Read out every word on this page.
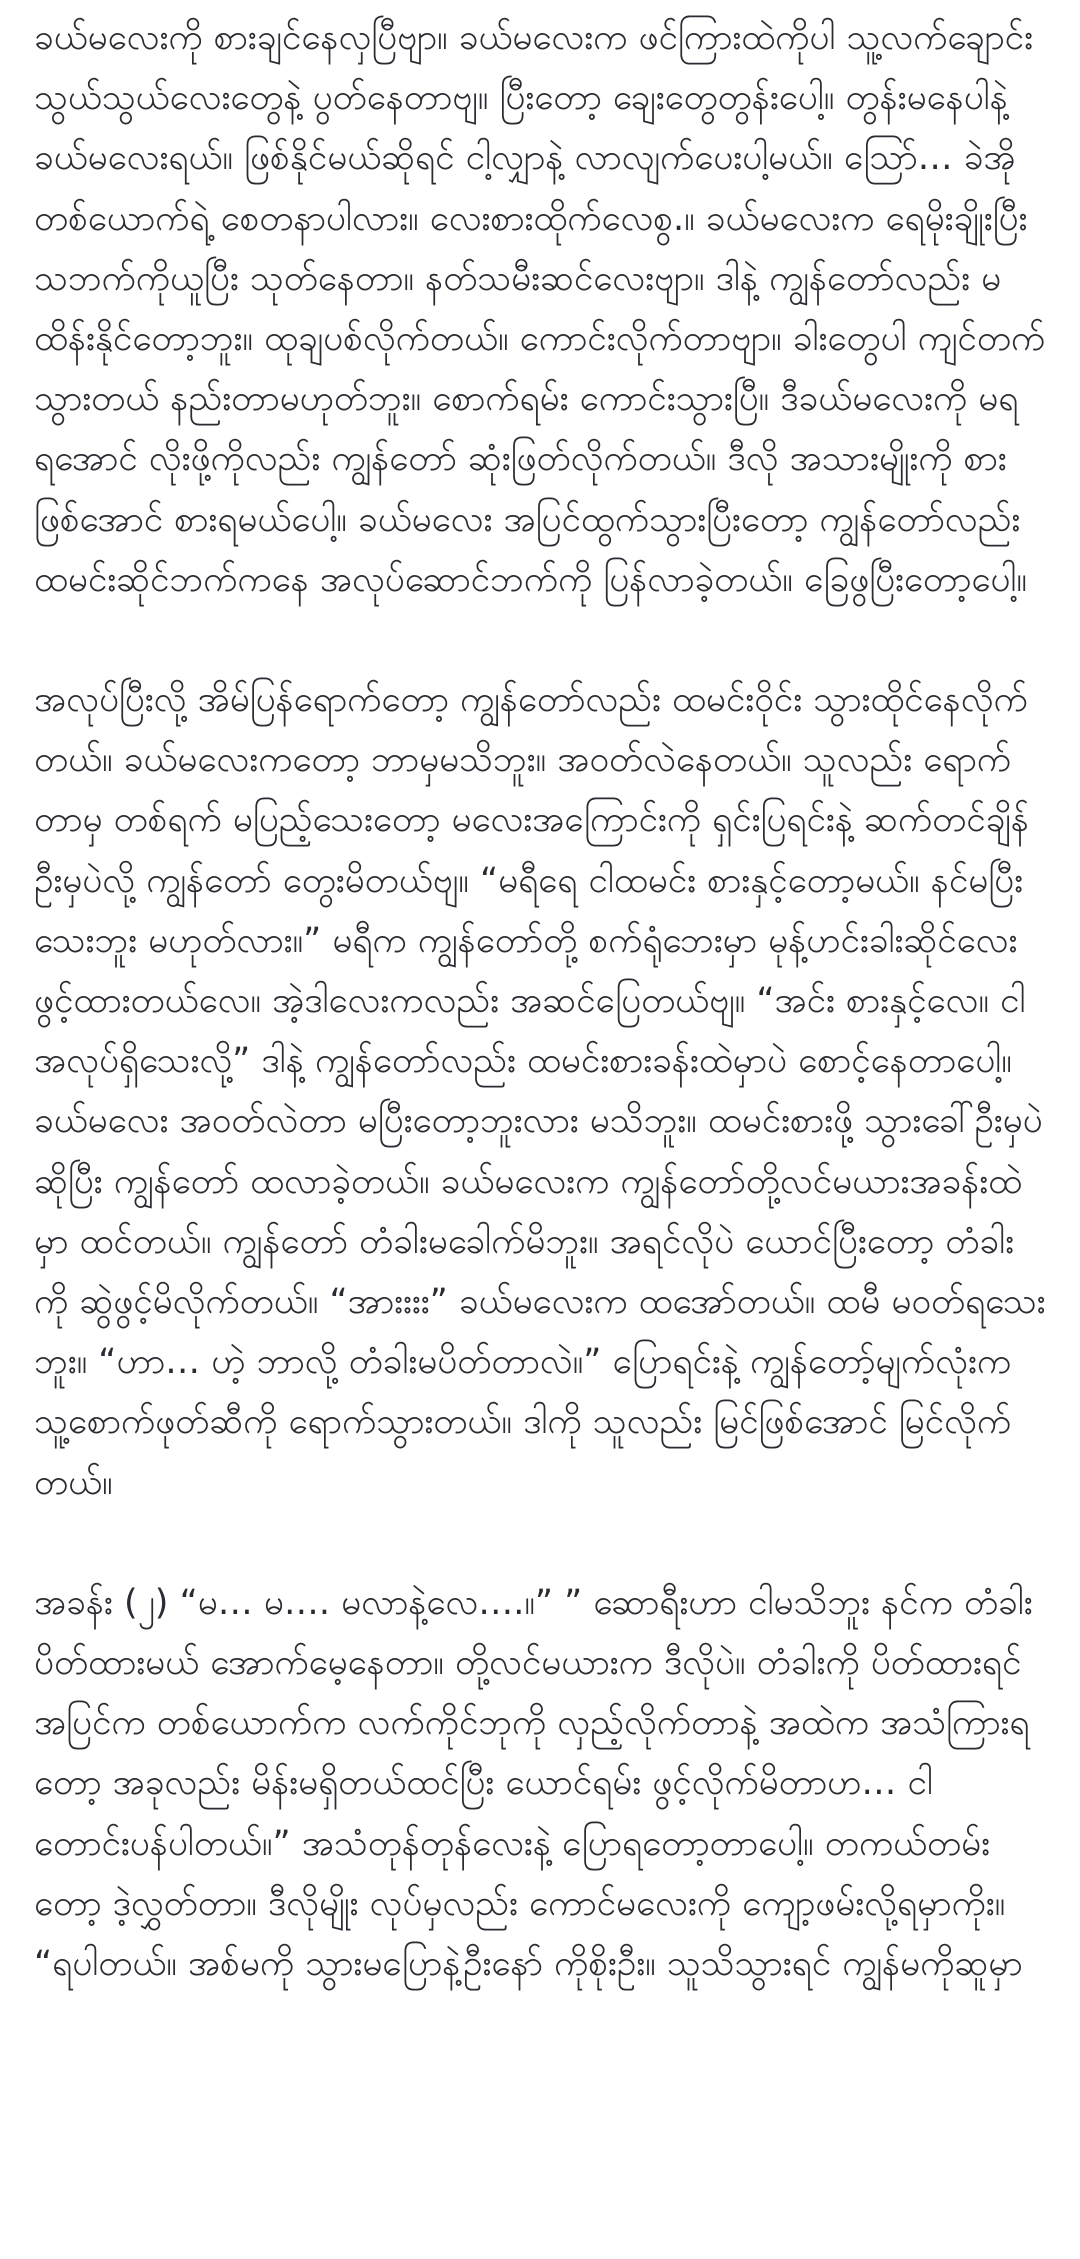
ခယ်မလေးကို စားချင်နေလှပြီဗျာ။ ခယ်မလေးက ဖင်ကြားထဲကိုပါ သူ့လက်ချောင်း သွယ်သွယ်လေးတွေနဲ့ ပွတ်နေတာဗျ။ ပြီးတော့ ချေးတွေတွန်းပေါ့။ တွန်းမနေပါနဲ့ ခယ်မလေးရယ်။ ဖြစ်နိုင်မယ်ဆိုရင် ငါ့လျှာနဲ့ လာလျက်ပေးပါ့မယ်။ ဩော်… ခဲအိုတစ်ယောက်ရဲ့ စေတနာပါလား။ လေးစားထိုက်လေစွ.။ ခယ်မလေးက ရေမိုးချိုးပြီး သဘက်ကိုယူပြီး သုတ်နေတာ။ နတ်သမီးဆင်လေးဗျာ။ ဒါနဲ့ ကျွန်တော်လည်း မထိန်းနိုင်တော့ဘူး။ ထုချပစ်လိုက်တယ်။ ကောင်းလိုက်တာဗျာ။ ခါးတွေပါ ကျင်တက်သွားတယ် နည်းတာမဟုတ်ဘူး။ စောက်ရမ်း ကောင်းသွားပြီ။ ဒီခယ်မလေးကို မရရအောင် လိုးဖို့ကိုလည်း ကျွန်တော် ဆုံးဖြတ်လိုက်တယ်။ ဒီလို အသားမျိုးကို စားဖြစ်အောင် စားရမယ်ပေါ့။ ခယ်မလေး အပြင်ထွက်သွားပြီးတော့ ကျွန်တော်လည်း ထမင်းဆိုင်ဘက်ကနေ အလုပ်ဆောင်ဘက်ကို ပြန်လာခဲ့တယ်။ ခြေဖွပြီးတော့ပေါ့။

အလုပ်ပြီးလို့ အိမ်ပြန်ရောက်တော့ ကျွန်တော်လည်း ထမင်းဝိုင်း သွားထိုင်နေလိုက်တယ်။ ခယ်မလေးကတော့ ဘာမှမသိဘူး။ အဝတ်လဲနေတယ်။ သူလည်း ရောက်တာမှ တစ်ရက် မပြည့်သေးတော့ မလေးအကြောင်းကို ရှင်းပြရင်းနဲ့ ဆက်တင်ချိန်ဦးမှပဲလို့ ကျွန်တော် တွေးမိတယ်ဗျ။ “မရီရေ ငါထမင်း စားနှင့်တော့မယ်။ နင်မပြီးသေးဘူး မဟုတ်လား။” မရီက ကျွန်တော်တို့ စက်ရုံဘေးမှာ မုန့်ဟင်းခါးဆိုင်လေး ဖွင့်ထားတယ်လေ။ အဲ့ဒါလေးကလည်း အဆင်ပြေတယ်ဗျ။ “အင်း စားနှင့်လေ။ ငါ အလုပ်ရှိသေးလို့” ဒါနဲ့ ကျွန်တော်လည်း ထမင်းစားခန်းထဲမှာပဲ စောင့်နေတာပေါ့။ ခယ်မလေး အဝတ်လဲတာ မပြီးတော့ဘူးလား မသိဘူး။ ထမင်းစားဖို့ သွားခေါ်ဦးမှပဲဆိုပြီး ကျွန်တော် ထလာခဲ့တယ်။ ခယ်မလေးက ကျွန်တော်တို့လင်မယားအခန်းထဲမှာ ထင်တယ်။ ကျွန်တော် တံခါးမခေါက်မိဘူး။ အရင်လိုပဲ ယောင်ပြီးတော့ တံခါးကို ဆွဲဖွင့်မိလိုက်တယ်။ “အားးးး” ခယ်မလေးက ထအော်တယ်။ ထမီ မဝတ်ရသေးဘူး။ “ဟာ… ဟဲ့ ဘာလို့ တံခါးမပိတ်တာလဲ။” ပြောရင်းနဲ့ ကျွန်တော့်မျက်လုံးက သူ့စောက်ဖုတ်ဆီကို ရောက်သွားတယ်။ ဒါကို သူလည်း မြင်ဖြစ်အောင် မြင်လိုက်တယ်။

အခန်း (၂) “မ… မ…. မလာနဲ့လေ….။” ” ဆောရီးဟာ ငါမသိဘူး နင်က တံခါးပိတ်ထားမယ် အောက်မေ့နေတာ။ တို့လင်မယားက ဒီလိုပဲ။ တံခါးကို ပိတ်ထားရင် အပြင်က တစ်ယောက်က လက်ကိုင်ဘုကို လှည့်လိုက်တာနဲ့ အထဲက အသံကြားရတော့ အခုလည်း မိန်းမရှိတယ်ထင်ပြီး ယောင်ရမ်း ဖွင့်လိုက်မိတာဟ… ငါတောင်းပန်ပါတယ်။” အသံတုန်တုန်လေးနဲ့ ပြောရတော့တာပေါ့။ တကယ်တမ်းတော့ ဒဲ့လွှတ်တာ။ ဒီလိုမျိုး လုပ်မှလည်း ကောင်မလေးကို ကျော့ဖမ်းလို့ရမှာကိုး။ “ရပါတယ်။ အစ်မကို သွားမပြောနဲ့ဦးနော် ကိုစိုးဦး။ သူသိသွားရင် ကျွန်မကိုဆူမှာ
